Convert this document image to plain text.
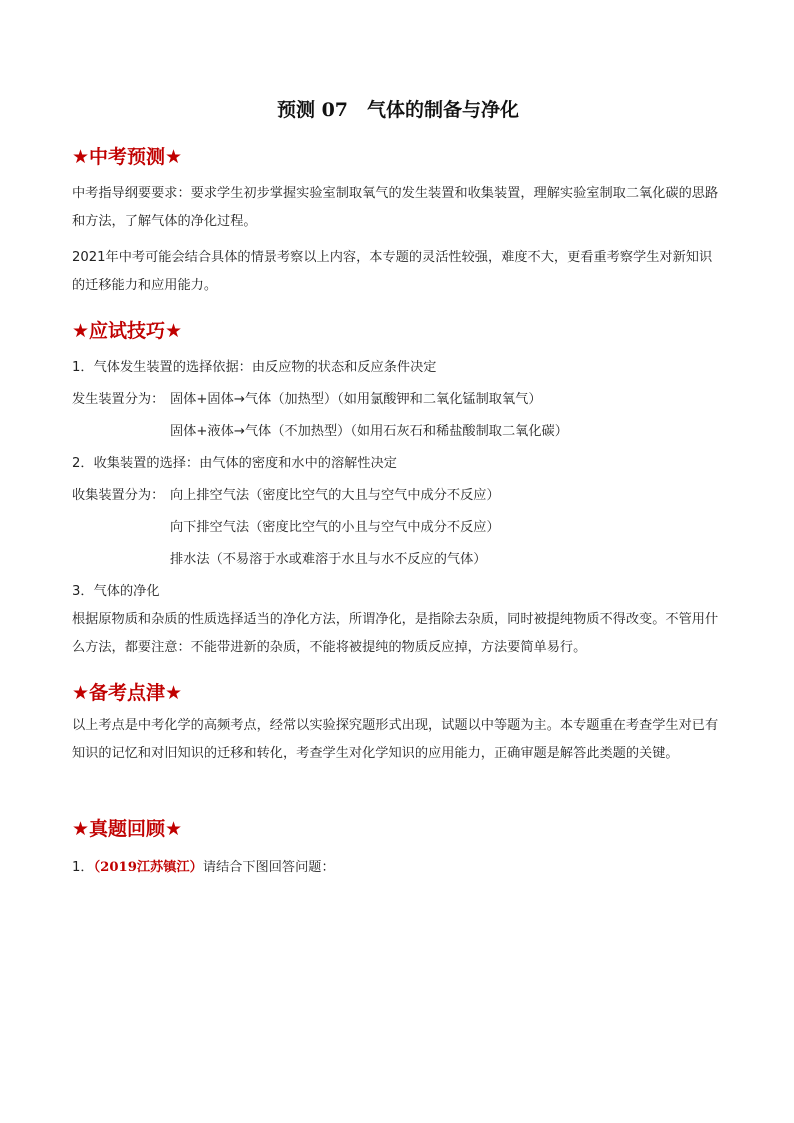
预测 07　气体的制备与净化
★中考预测★
中考指导纲要要求：要求学生初步掌握实验室制取氧气的发生装置和收集装置，理解实验室制取二氧化碳的思路和方法，了解气体的净化过程。
2021年中考可能会结合具体的情景考察以上内容，本专题的灵活性较强，难度不大，更看重考察学生对新知识的迁移能力和应用能力。
★应试技巧★
1．气体发生装置的选择依据：由反应物的状态和反应条件决定
发生装置分为： 固体+固体→气体（加热型）（如用氯酸钾和二氧化锰制取氧气）
固体+液体→气体（不加热型）（如用石灰石和稀盐酸制取二氧化碳）
2．收集装置的选择：由气体的密度和水中的溶解性决定
收集装置分为： 向上排空气法（密度比空气的大且与空气中成分不反应）
向下排空气法（密度比空气的小且与空气中成分不反应）
排水法（不易溶于水或难溶于水且与水不反应的气体）
3．气体的净化
根据原物质和杂质的性质选择适当的净化方法，所谓净化，是指除去杂质，同时被提纯物质不得改变。不管用什么方法，都要注意：不能带进新的杂质，不能将被提纯的物质反应掉，方法要简单易行。
★备考点津★
以上考点是中考化学的高频考点，经常以实验探究题形式出现，试题以中等题为主。本专题重在考查学生对已有知识的记忆和对旧知识的迁移和转化，考查学生对化学知识的应用能力，正确审题是解答此类题的关键。
★真题回顾★
1．（2019江苏镇江）请结合下图回答问题：
